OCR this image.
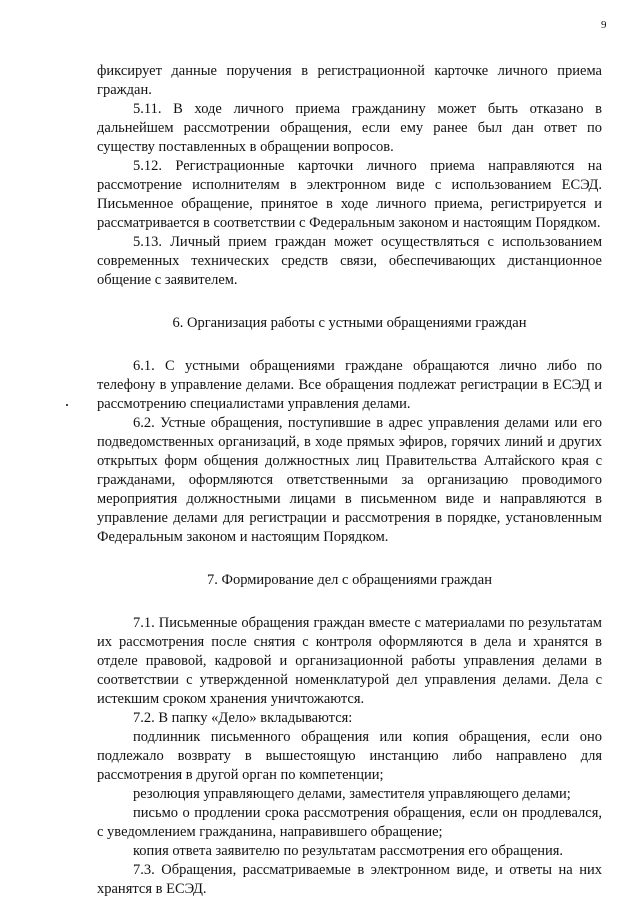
9

фиксирует данные поручения в регистрационной карточке личного приема граждан.

5.11. В ходе личного приема гражданину может быть отказано в дальнейшем рассмотрении обращения, если ему ранее был дан ответ по существу поставленных в обращении вопросов.

5.12. Регистрационные карточки личного приема направляются на рассмотрение исполнителям в электронном виде с использованием ЕСЭД. Письменное обращение, принятое в ходе личного приема, регистрируется и рассматривается в соответствии с Федеральным законом и настоящим Порядком.

5.13. Личный прием граждан может осуществляться с использованием современных технических средств связи, обеспечивающих дистанционное общение с заявителем.

6. Организация работы с устными обращениями граждан

6.1. С устными обращениями граждане обращаются лично либо по телефону в управление делами. Все обращения подлежат регистрации в ЕСЭД и рассмотрению специалистами управления делами.

6.2. Устные обращения, поступившие в адрес управления делами или его подведомственных организаций, в ходе прямых эфиров, горячих линий и других открытых форм общения должностных лиц Правительства Алтайского края с гражданами, оформляются ответственными за организацию проводимого мероприятия должностными лицами в письменном виде и направляются в управление делами для регистрации и рассмотрения в порядке, установленным Федеральным законом и настоящим Порядком.

7. Формирование дел с обращениями граждан

7.1. Письменные обращения граждан вместе с материалами по результатам их рассмотрения после снятия с контроля оформляются в дела и хранятся в отделе правовой, кадровой и организационной работы управления делами в соответствии с утвержденной номенклатурой дел управления делами. Дела с истекшим сроком хранения уничтожаются.

7.2. В папку «Дело» вкладываются:

подлинник письменного обращения или копия обращения, если оно подлежало возврату в вышестоящую инстанцию либо направлено для рассмотрения в другой орган по компетенции;

резолюция управляющего делами, заместителя управляющего делами;

письмо о продлении срока рассмотрения обращения, если он продлевался, с уведомлением гражданина, направившего обращение;

копия ответа заявителю по результатам рассмотрения его обращения.

7.3. Обращения, рассматриваемые в электронном виде, и ответы на них хранятся в ЕСЭД.
